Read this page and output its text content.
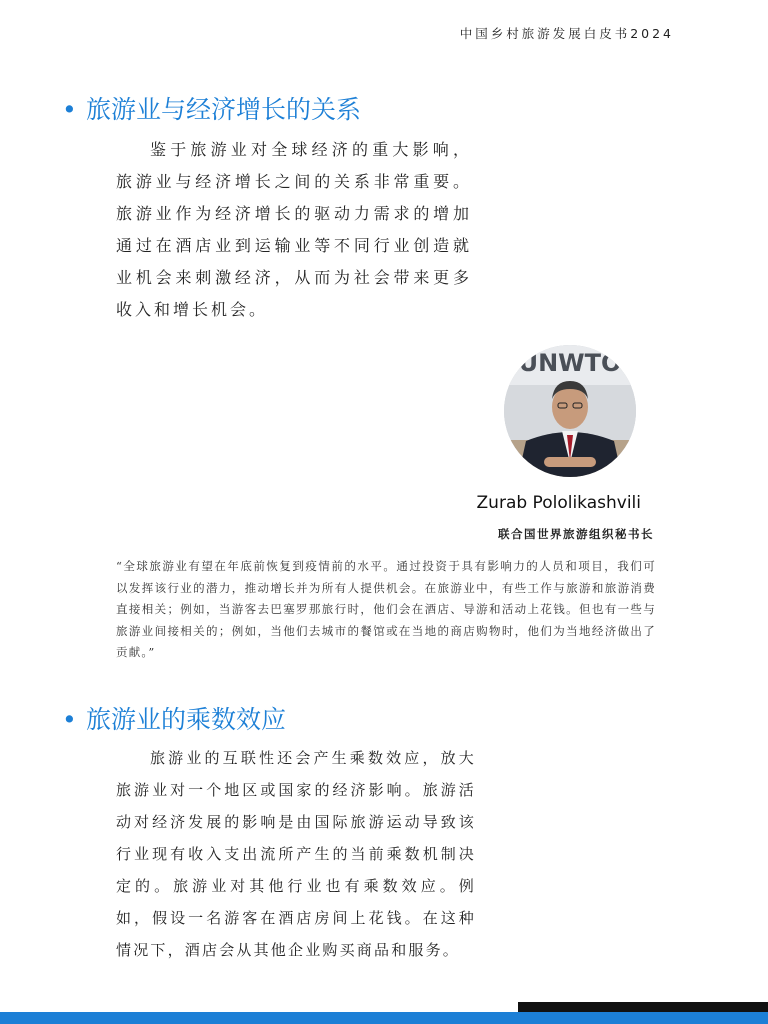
中国乡村旅游发展白皮书2024
• 旅游业与经济增长的关系

鉴于旅游业对全球经济的重大影响，旅游业与经济增长之间的关系非常重要。旅游业作为经济增长的驱动力需求的增加通过在酒店业到运输业等不同行业创造就业机会来刺激经济，从而为社会带来更多收入和增长机会。

UNWTO
Zurab Pololikashvili
联合国世界旅游组织秘书长

“全球旅游业有望在年底前恢复到疫情前的水平。通过投资于具有影响力的人员和项目，我们可以发挥该行业的潜力，推动增长并为所有人提供机会。在旅游业中，有些工作与旅游和旅游消费直接相关；例如，当游客去巴塞罗那旅行时，他们会在酒店、导游和活动上花钱。但也有一些与旅游业间接相关的；例如，当他们去城市的餐馆或在当地的商店购物时，他们为当地经济做出了贡献。”

• 旅游业的乘数效应

旅游业的互联性还会产生乘数效应，放大旅游业对一个地区或国家的经济影响。旅游活动对经济发展的影响是由国际旅游运动导致该行业现有收入支出流所产生的当前乘数机制决定的。旅游业对其他行业也有乘数效应。例如，假设一名游客在酒店房间上花钱。在这种情况下，酒店会从其他企业购买商品和服务。
